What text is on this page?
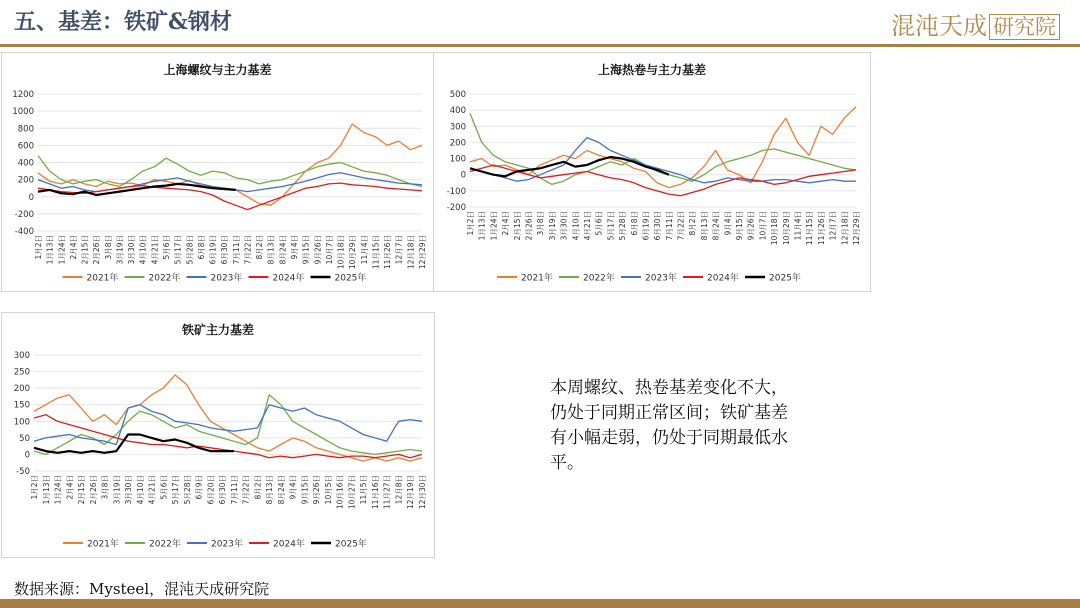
五、基差：铁矿&钢材	混沌天成 研究院
上海螺纹与主力基差
1200
1000
800
600
400
200
0
-200
-400
1月2日 1月13日 1月24日 2月4日 2月15日 2月26日 3月8日 3月19日 3月30日 4月10日 4月21日 5月6日 5月17日 5月28日 6月8日 6月19日 6月30日 7月11日 7月22日 8月2日 8月13日 8月24日 9月4日 9月15日 9月26日 10月7日 10月18日 10月29日 11月4日 11月15日 11月26日 12月7日 12月18日 12月29日
2021年	2022年	2023年	2024年	2025年
上海热卷与主力基差
500
400
300
200
100
0
-100
-200
1月2日 1月13日 1月24日 2月4日 2月15日 2月26日 3月8日 3月19日 3月30日 4月10日 4月21日 5月6日 5月17日 5月28日 6月8日 6月19日 6月30日 7月11日 7月22日 8月2日 8月13日 8月24日 9月4日 9月15日 9月26日 10月7日 10月18日 10月29日 11月4日 11月15日 11月26日 12月7日 12月18日 12月29日
2021年	2022年	2023年	2024年	2025年
铁矿主力基差
300
250
200
150
100
50
0
-50
1月2日 1月13日 1月24日 2月4日 2月15日 2月26日 3月8日 3月19日 3月30日 4月10日 4月21日 5月6日 5月17日 5月28日 6月9日 6月20日 6月30日 7月11日 7月22日 8月2日 8月13日 8月24日 9月4日 9月15日 9月26日 10月5日 10月16日 10月27日 11月5日 11月16日 11月27日 12月8日 12月19日 12月30日
2021年	2022年	2023年	2024年	2025年
本周螺纹、热卷基差变化不大，仍处于同期正常区间；铁矿基差有小幅走弱，仍处于同期最低水平。
数据来源：Mysteel，混沌天成研究院
